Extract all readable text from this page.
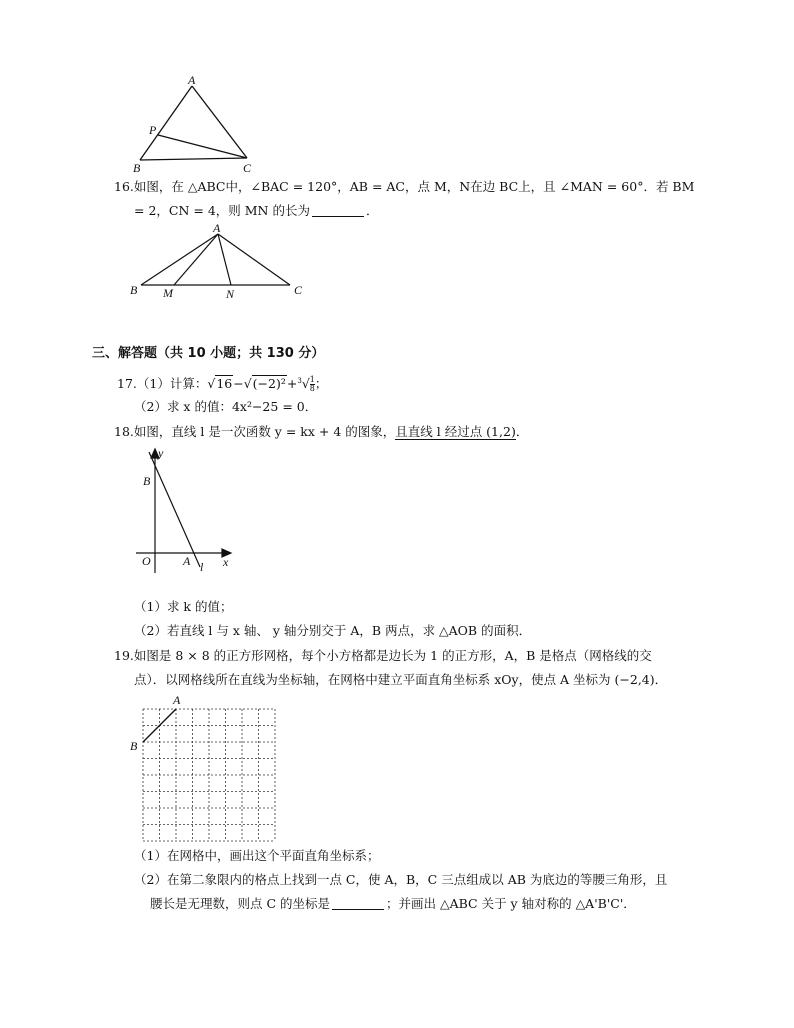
A
P
B	C
16.如图，在 △ABC中，∠BAC = 120°，AB = AC，点 M，N在边 BC上，且 ∠MAN = 60°．若 BM
= 2，CN = 4，则 MN 的长为	．
A
B M	N	C
三、解答题（共 10 小题；共 130 分）
17.（1）计算：$√16-√(-2)^2+^3√ \frac{1}{8}$ ；
（2）求 x 的值：4x²−25 = 0．
18.如图，直线 l 是一次函数 y = kx + 4 的图象，且直线 l 经过点 (1,2)．
y
B
O	A l x
（1）求 k 的值；
（2）若直线 l 与 x 轴、 y 轴分别交于 A，B 两点，求 △AOB 的面积．
19.如图是 8 × 8 的正方形网格，每个小方格都是边长为 1 的正方形，A，B 是格点（网格线的交
点）．以网格线所在直线为坐标轴，在网格中建立平面直角坐标系 xOy，使点 A 坐标为 (−2,4)．
A
B
（1）在网格中，画出这个平面直角坐标系；
（2）在第二象限内的格点上找到一点 C，使 A，B，C 三点组成以 AB 为底边的等腰三角形，且
腰长是无理数，则点 C 的坐标是	；并画出 △ABC 关于 y 轴对称的 △A'B'C'．
